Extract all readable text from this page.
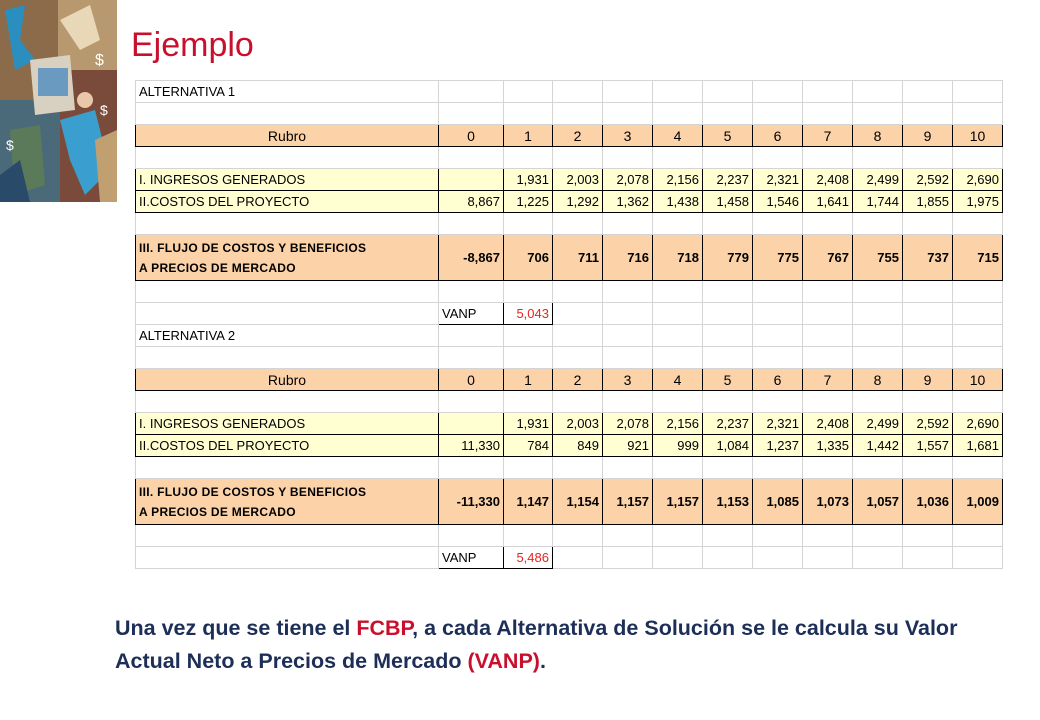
$
$
$
Ejemplo
ALTERNATIVA 1											

Rubro	0	1	2	3	4	5	6	7	8	9	10

I. INGRESOS GENERADOS		1,931	2,003	2,078	2,156	2,237	2,321	2,408	2,499	2,592	2,690
II.COSTOS DEL PROYECTO	8,867	1,225	1,292	1,362	1,438	1,458	1,546	1,641	1,744	1,855	1,975

III. FLUJO DE COSTOS Y BENEFICIOS
A PRECIOS DE MERCADO	-8,867	706	711	716	718	779	775	767	755	737	715

	VANP	5,043									
ALTERNATIVA 2											

Rubro	0	1	2	3	4	5	6	7	8	9	10

I. INGRESOS GENERADOS		1,931	2,003	2,078	2,156	2,237	2,321	2,408	2,499	2,592	2,690
II.COSTOS DEL PROYECTO	11,330	784	849	921	999	1,084	1,237	1,335	1,442	1,557	1,681

III. FLUJO DE COSTOS Y BENEFICIOS
A PRECIOS DE MERCADO	-11,330	1,147	1,154	1,157	1,157	1,153	1,085	1,073	1,057	1,036	1,009

	VANP	5,486									
Una vez que se tiene el FCBP, a cada Alternativa de Solución se le calcula su Valor Actual Neto a Precios de Mercado (VANP).
